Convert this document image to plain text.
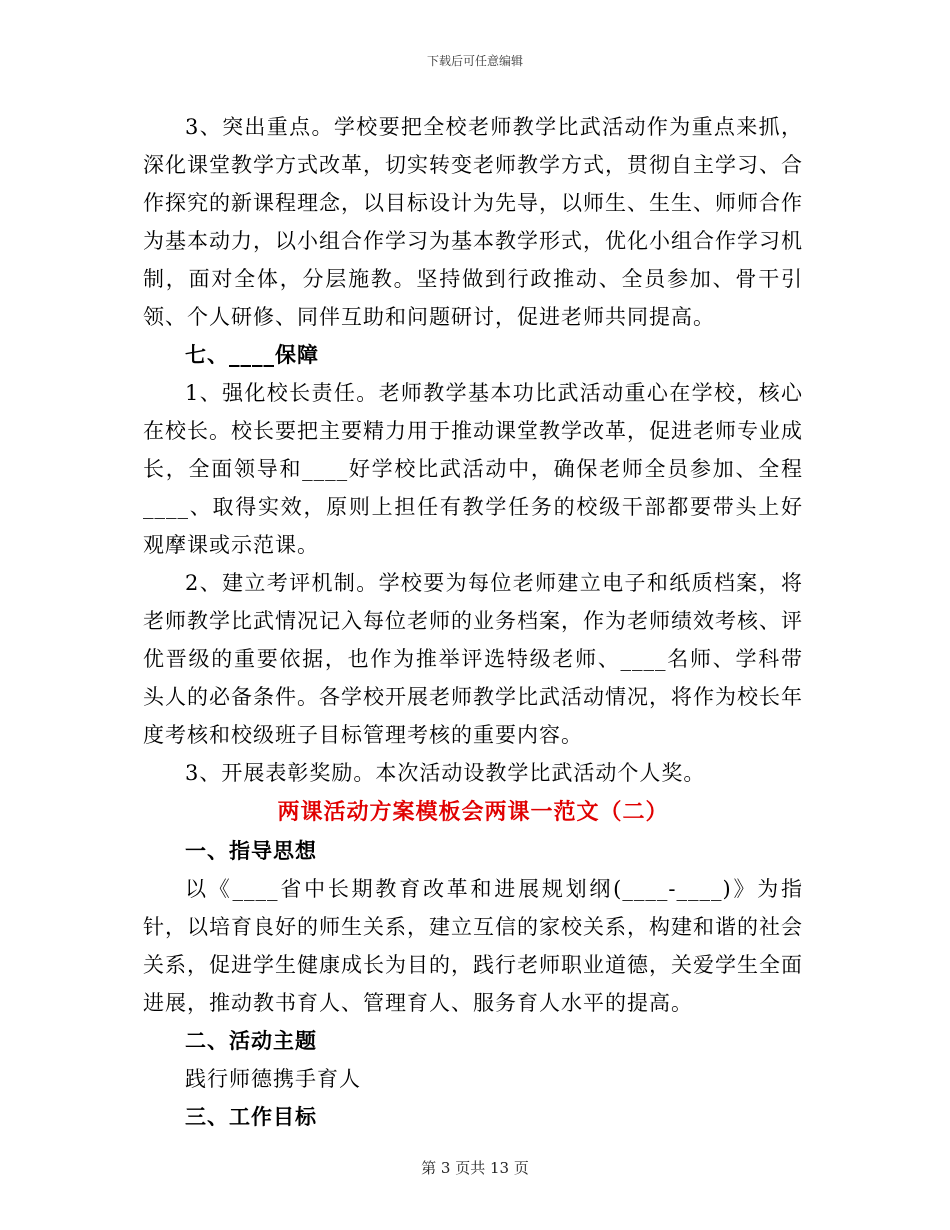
下载后可任意编辑

3、突出重点。学校要把全校老师教学比武活动作为重点来抓，深化课堂教学方式改革，切实转变老师教学方式，贯彻自主学习、合作探究的新课程理念，以目标设计为先导，以师生、生生、师师合作为基本动力，以小组合作学习为基本教学形式，优化小组合作学习机制，面对全体，分层施教。坚持做到行政推动、全员参加、骨干引领、个人研修、同伴互助和问题研讨，促进老师共同提高。

七、____保障

1、强化校长责任。老师教学基本功比武活动重心在学校，核心在校长。校长要把主要精力用于推动课堂教学改革，促进老师专业成长，全面领导和____好学校比武活动中，确保老师全员参加、全程____、取得实效，原则上担任有教学任务的校级干部都要带头上好观摩课或示范课。

2、建立考评机制。学校要为每位老师建立电子和纸质档案，将老师教学比武情况记入每位老师的业务档案，作为老师绩效考核、评优晋级的重要依据，也作为推举评选特级老师、____名师、学科带头人的必备条件。各学校开展老师教学比武活动情况，将作为校长年度考核和校级班子目标管理考核的重要内容。

3、开展表彰奖励。本次活动设教学比武活动个人奖。

两课活动方案模板会两课一范文（二）

一、指导思想

以《____省中长期教育改革和进展规划纲(____-____)》为指针，以培育良好的师生关系，建立互信的家校关系，构建和谐的社会关系，促进学生健康成长为目的，践行老师职业道德，关爱学生全面进展，推动教书育人、管理育人、服务育人水平的提高。

二、活动主题

践行师德携手育人

三、工作目标

第 3 页共 13 页
